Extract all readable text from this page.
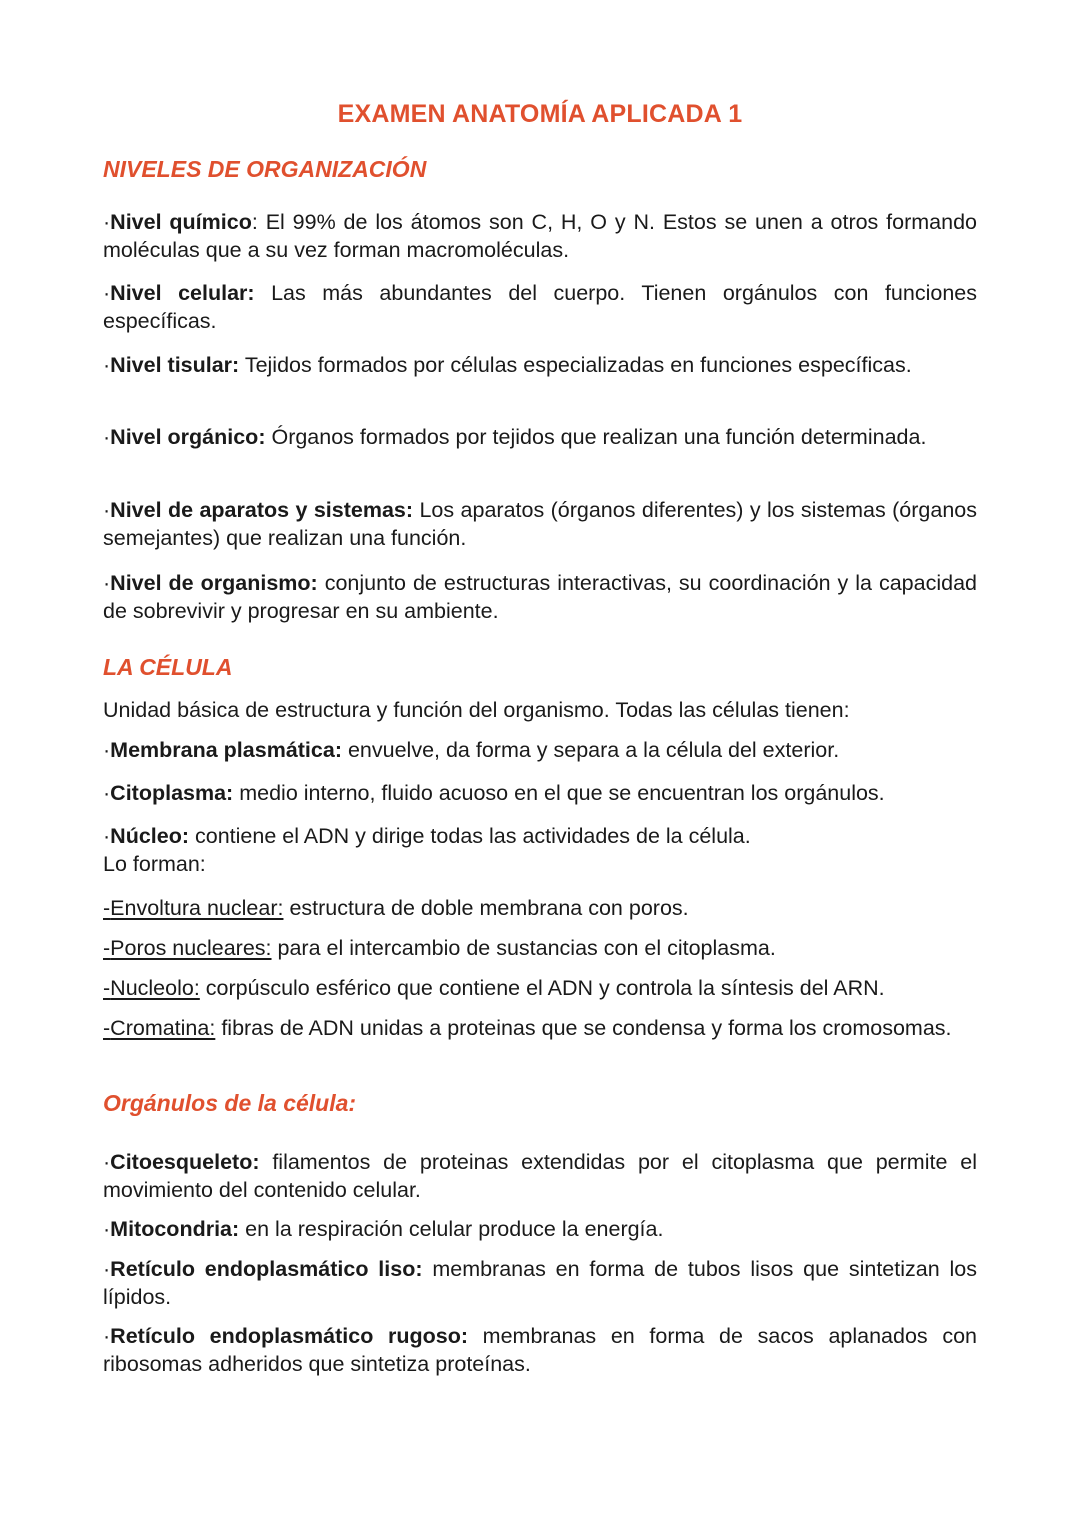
EXAMEN ANATOMÍA APLICADA 1
NIVELES DE ORGANIZACIÓN

·Nivel químico: El 99% de los átomos son C, H, O y N. Estos se unen a otros formando moléculas que a su vez forman macromoléculas.

·Nivel celular: Las más abundantes del cuerpo. Tienen orgánulos con funciones específicas.

·Nivel tisular: Tejidos formados por células especializadas en funciones específicas.

·Nivel orgánico: Órganos formados por tejidos que realizan una función determinada.

·Nivel de aparatos y sistemas: Los aparatos (órganos diferentes) y los sistemas (órganos semejantes) que realizan una función.

·Nivel de organismo: conjunto de estructuras interactivas, su coordinación y la capacidad de sobrevivir y progresar en su ambiente.

LA CÉLULA

Unidad básica de estructura y función del organismo. Todas las células tienen:

·Membrana plasmática: envuelve, da forma y separa a la célula del exterior.

·Citoplasma: medio interno, fluido acuoso en el que se encuentran los orgánulos.

·Núcleo: contiene el ADN y dirige todas las actividades de la célula.

Lo forman:

-Envoltura nuclear: estructura de doble membrana con poros.

-Poros nucleares: para el intercambio de sustancias con el citoplasma.

-Nucleolo: corpúsculo esférico que contiene el ADN y controla la síntesis del ARN.

-Cromatina: fibras de ADN unidas a proteinas que se condensa y forma los cromosomas.

Orgánulos de la célula:

·Citoesqueleto: filamentos de proteinas extendidas por el citoplasma que permite el movimiento del contenido celular.

·Mitocondria: en la respiración celular produce la energía.

·Retículo endoplasmático liso: membranas en forma de tubos lisos que sintetizan los lípidos.

·Retículo endoplasmático rugoso: membranas en forma de sacos aplanados con ribosomas adheridos que sintetiza proteínas.
